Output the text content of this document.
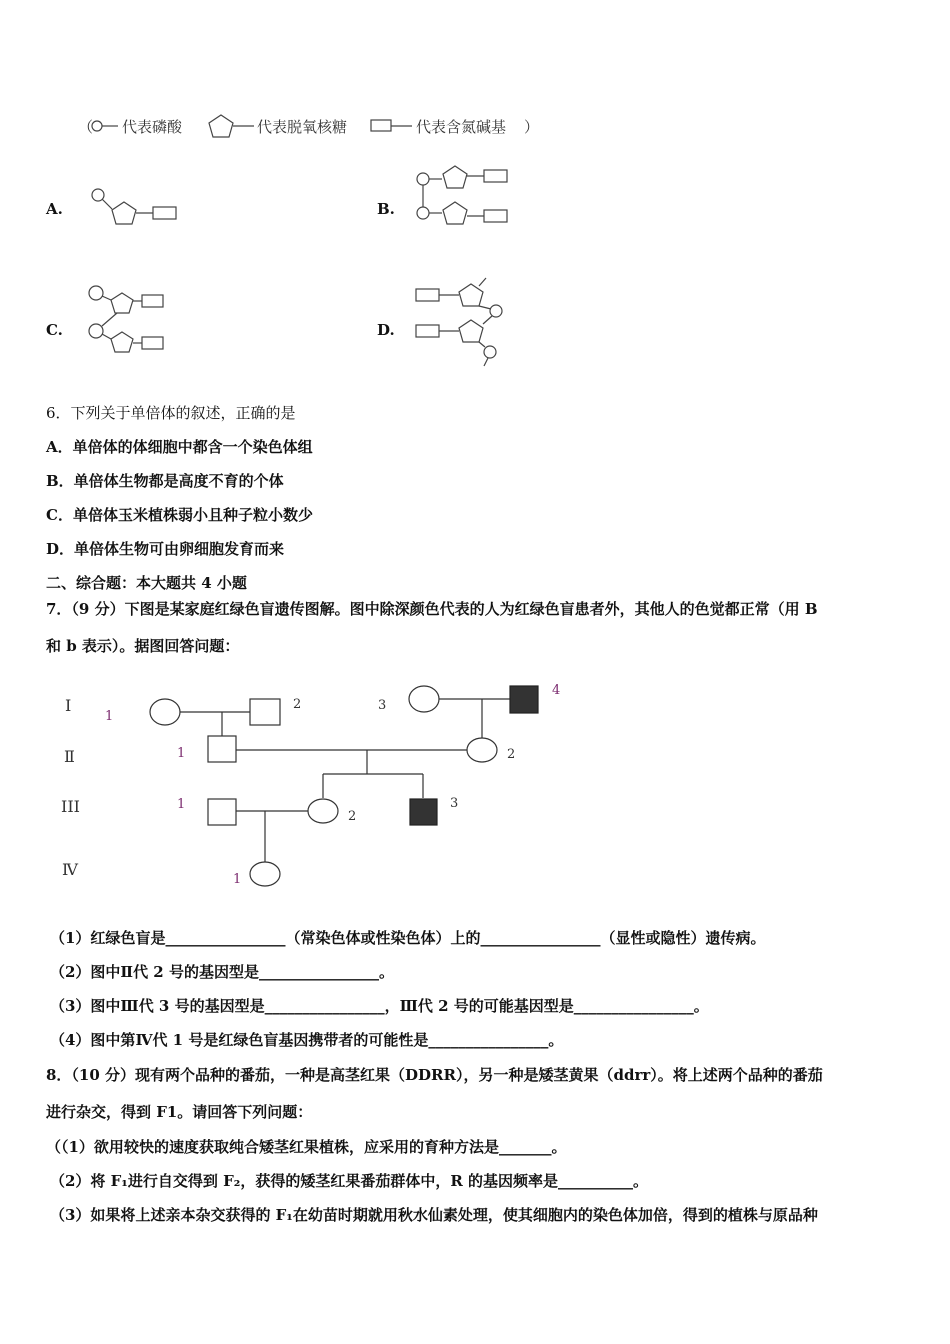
（ 代表磷酸	代表脱氧核糖	代表含氮碱基 ）
A.	B.
C.	D.
6．下列关于单倍体的叙述，正确的是
A．单倍体的体细胞中都含一个染色体组
B．单倍体生物都是高度不育的个体
C．单倍体玉米植株弱小且种子粒小数少
D．单倍体生物可由卵细胞发育而来
二、综合题：本大题共 4 小题
7．（9 分）下图是某家庭红绿色盲遗传图解。图中除深颜色代表的人为红绿色盲患者外，其他人的色觉都正常（用 B
和 b 表示）。据图回答问题：
Ⅰ
Ⅱ
III
Ⅳ
1
2	3
4
1	2
1
2
3
1
（1）红绿色盲是________________（常染色体或性染色体）上的________________（显性或隐性）遗传病。
（2）图中Ⅱ代 2 号的基因型是________________。
（3）图中Ⅲ代 3 号的基因型是________________，Ⅲ代 2 号的可能基因型是________________。
（4）图中第Ⅳ代 1 号是红绿色盲基因携带者的可能性是________________。
8．（10 分）现有两个品种的番茄，一种是高茎红果（DDRR），另一种是矮茎黄果（ddrr）。将上述两个品种的番茄
进行杂交，得到 F1。请回答下列问题：
（（1）欲用较快的速度获取纯合矮茎红果植株，应采用的育种方法是_______。
（2）将 F₁进行自交得到 F₂，获得的矮茎红果番茄群体中，R 的基因频率是__________。
（3）如果将上述亲本杂交获得的 F₁在幼苗时期就用秋水仙素处理，使其细胞内的染色体加倍，得到的植株与原品种
